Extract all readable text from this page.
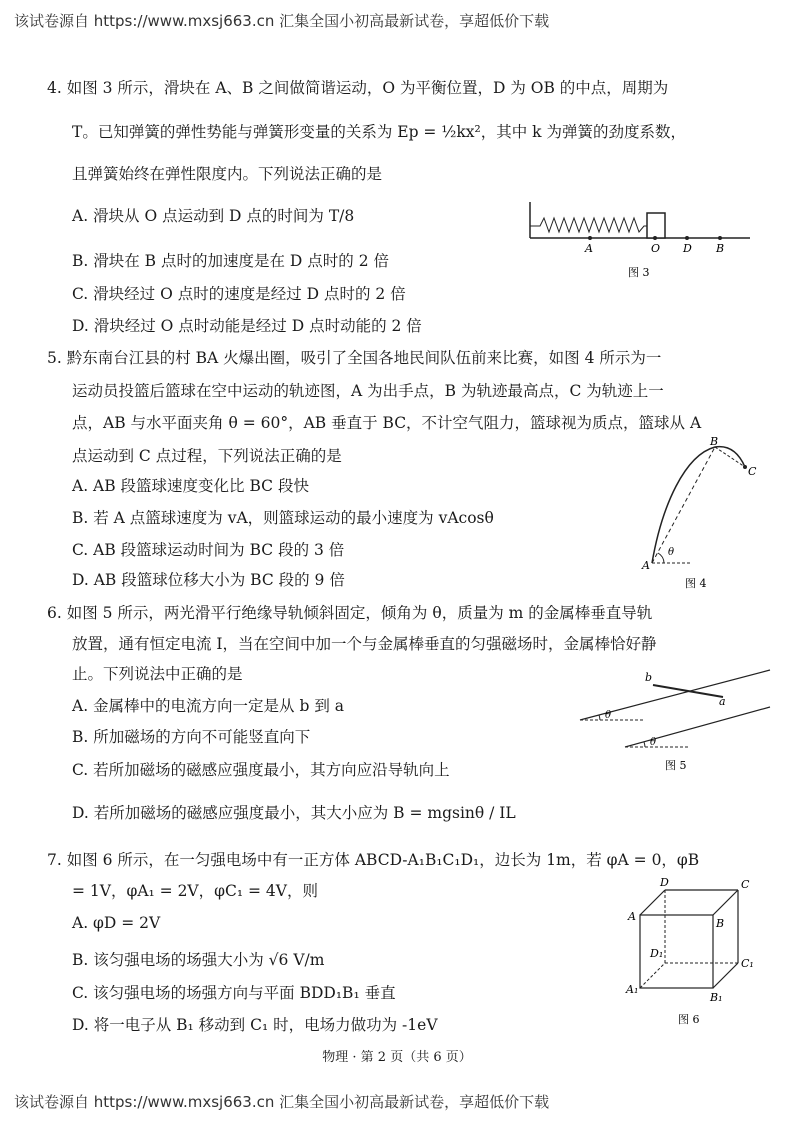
该试卷源自 https://www.mxsj663.cn 汇集全国小初高最新试卷，享超低价下载
4. 如图 3 所示，滑块在 A、B 之间做简谐运动，O 为平衡位置，D 为 OB 的中点，周期为
T。已知弹簧的弹性势能与弹簧形变量的关系为 Ep = ½kx²，其中 k 为弹簧的劲度系数，
且弹簧始终在弹性限度内。下列说法正确的是
A. 滑块从 O 点运动到 D 点的时间为 T/8
B. 滑块在 B 点时的加速度是在 D 点时的 2 倍
C. 滑块经过 O 点时的速度是经过 D 点时的 2 倍
D. 滑块经过 O 点时动能是经过 D 点时动能的 2 倍
A	O D B
图 3
5. 黔东南台江县的村 BA 火爆出圈，吸引了全国各地民间队伍前来比赛，如图 4 所示为一
运动员投篮后篮球在空中运动的轨迹图，A 为出手点，B 为轨迹最高点，C 为轨迹上一
点，AB 与水平面夹角 θ = 60°，AB 垂直于 BC，不计空气阻力，篮球视为质点，篮球从 A
点运动到 C 点过程，下列说法正确的是
A. AB 段篮球速度变化比 BC 段快
B. 若 A 点篮球速度为 vA，则篮球运动的最小速度为 vAcosθ
C. AB 段篮球运动时间为 BC 段的 3 倍
D. AB 段篮球位移大小为 BC 段的 9 倍
A
B
C
θ
图 4
6. 如图 5 所示，两光滑平行绝缘导轨倾斜固定，倾角为 θ，质量为 m 的金属棒垂直导轨
放置，通有恒定电流 I，当在空间中加一个与金属棒垂直的匀强磁场时，金属棒恰好静
止。下列说法中正确的是
A. 金属棒中的电流方向一定是从 b 到 a
B. 所加磁场的方向不可能竖直向下
C. 若所加磁场的磁感应强度最小，其方向应沿导轨向上
D. 若所加磁场的磁感应强度最小，其大小应为 B = mgsinθ / IL
b
a
θ
θ
图 5
7. 如图 6 所示，在一匀强电场中有一正方体 ABCD-A₁B₁C₁D₁，边长为 1m，若 φA = 0，φB
= 1V，φA₁ = 2V，φC₁ = 4V，则
A. φD = 2V
B. 该匀强电场的场强大小为 √6 V/m
C. 该匀强电场的场强方向与平面 BDD₁B₁ 垂直
D. 将一电子从 B₁ 移动到 C₁ 时，电场力做功为 -1eV
D	C
A
B
D₁
C₁
A₁
B₁
图 6
物理 · 第 2 页（共 6 页）
该试卷源自 https://www.mxsj663.cn 汇集全国小初高最新试卷，享超低价下载
